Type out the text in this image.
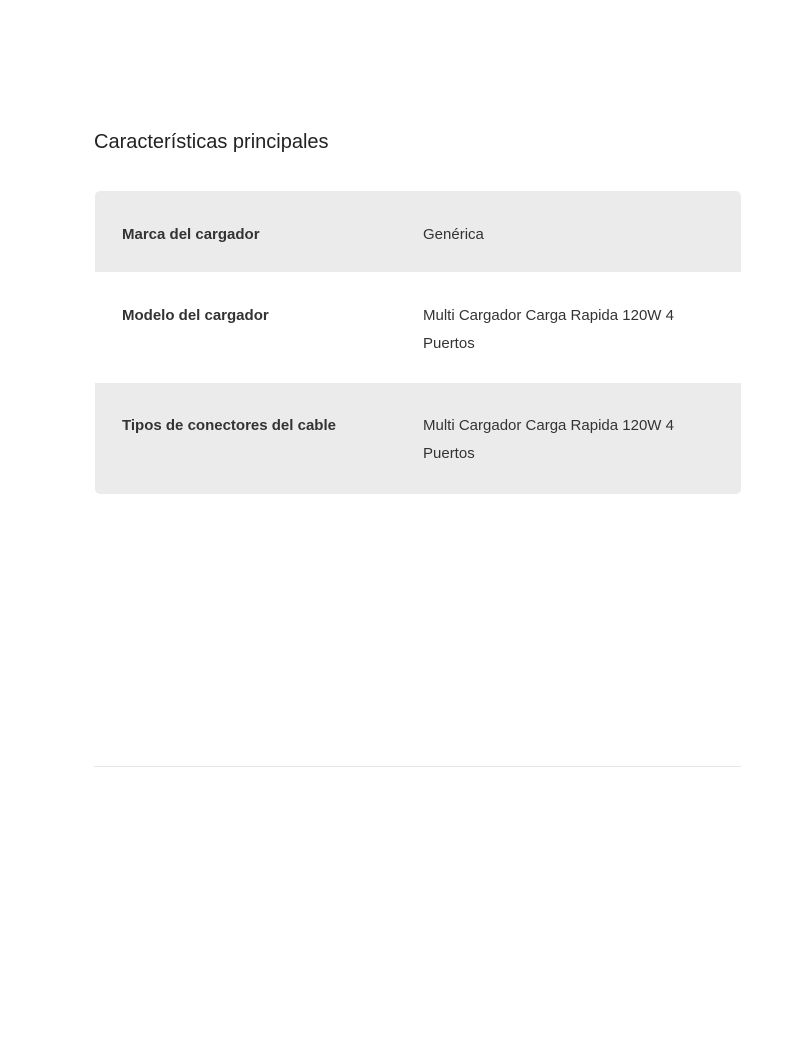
Características principales
Marca del cargador	Genérica
Modelo del cargador	Multi Cargador Carga Rapida 120W 4 Puertos
Tipos de conectores del cable	Multi Cargador Carga Rapida 120W 4 Puertos
